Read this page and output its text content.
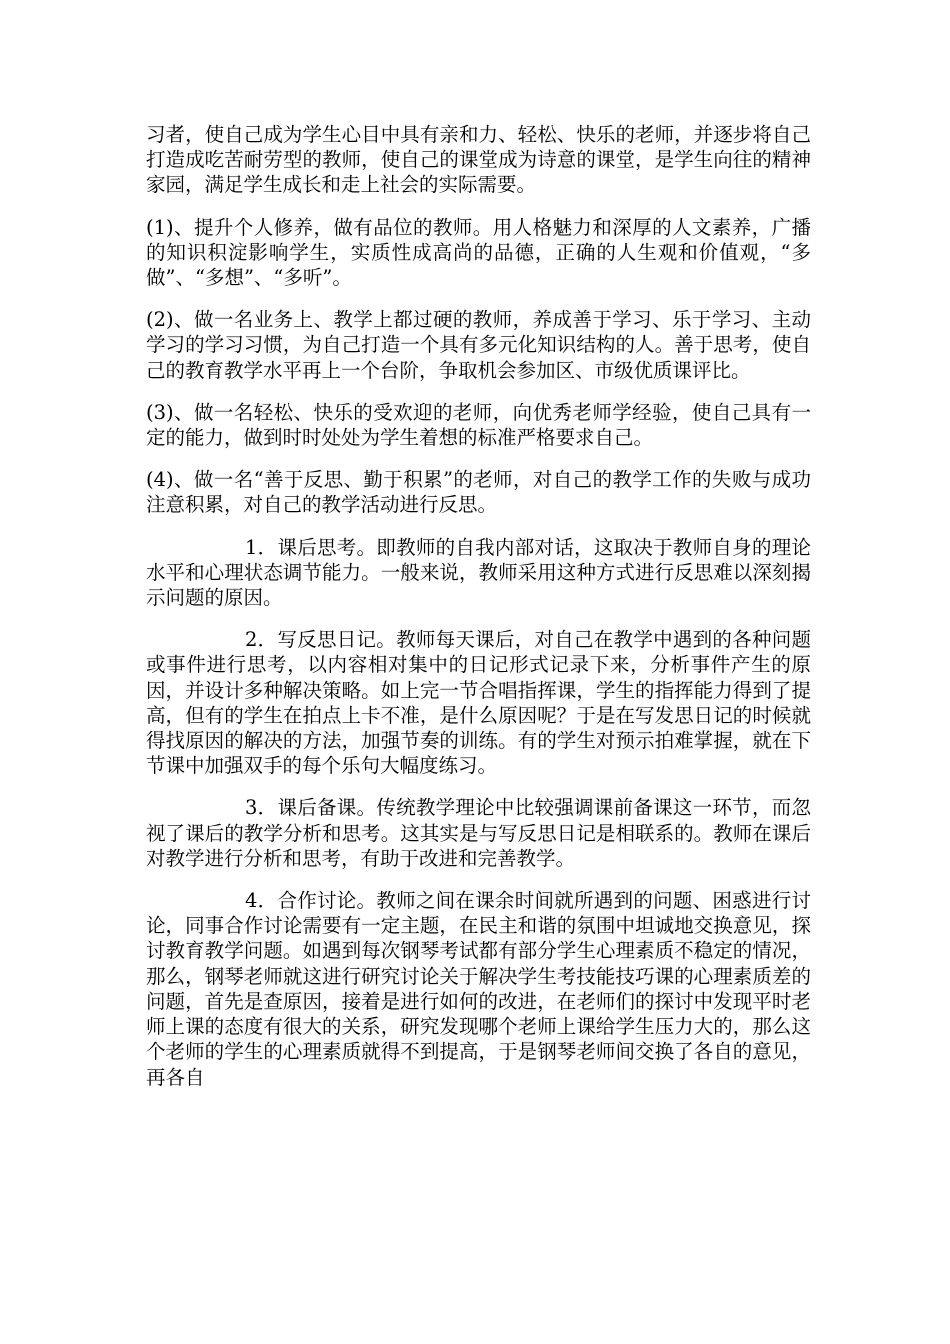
习者，使自己成为学生心目中具有亲和力、轻松、快乐的老师，并逐步将自己打造成吃苦耐劳型的教师，使自己的课堂成为诗意的课堂，是学生向往的精神家园，满足学生成长和走上社会的实际需要。

(1)、提升个人修养，做有品位的教师。用人格魅力和深厚的人文素养，广播的知识积淀影响学生，实质性成高尚的品德，正确的人生观和价值观，“多做”、“多想”、“多听”。

(2)、做一名业务上、教学上都过硬的教师，养成善于学习、乐于学习、主动学习的学习习惯，为自己打造一个具有多元化知识结构的人。善于思考，使自己的教育教学水平再上一个台阶，争取机会参加区、市级优质课评比。

(3)、做一名轻松、快乐的受欢迎的老师，向优秀老师学经验，使自己具有一定的能力，做到时时处处为学生着想的标准严格要求自己。

(4)、做一名“善于反思、勤于积累”的老师，对自己的教学工作的失败与成功注意积累，对自己的教学活动进行反思。

1．课后思考。即教师的自我内部对话，这取决于教师自身的理论水平和心理状态调节能力。一般来说，教师采用这种方式进行反思难以深刻揭示问题的原因。

2．写反思日记。教师每天课后，对自己在教学中遇到的各种问题或事件进行思考，以内容相对集中的日记形式记录下来，分析事件产生的原因，并设计多种解决策略。如上完一节合唱指挥课，学生的指挥能力得到了提高，但有的学生在拍点上卡不准，是什么原因呢？于是在写发思日记的时候就得找原因的解决的方法，加强节奏的训练。有的学生对预示拍难掌握，就在下节课中加强双手的每个乐句大幅度练习。

3．课后备课。传统教学理论中比较强调课前备课这一环节，而忽视了课后的教学分析和思考。这其实是与写反思日记是相联系的。教师在课后对教学进行分析和思考，有助于改进和完善教学。

4．合作讨论。教师之间在课余时间就所遇到的问题、困惑进行讨论，同事合作讨论需要有一定主题，在民主和谐的氛围中坦诚地交换意见，探讨教育教学问题。如遇到每次钢琴考试都有部分学生心理素质不稳定的情况，那么，钢琴老师就这进行研究讨论关于解决学生考技能技巧课的心理素质差的问题，首先是查原因，接着是进行如何的改进，在老师们的探讨中发现平时老师上课的态度有很大的关系，研究发现哪个老师上课给学生压力大的，那么这个老师的学生的心理素质就得不到提高，于是钢琴老师间交换了各自的意见，再各自
